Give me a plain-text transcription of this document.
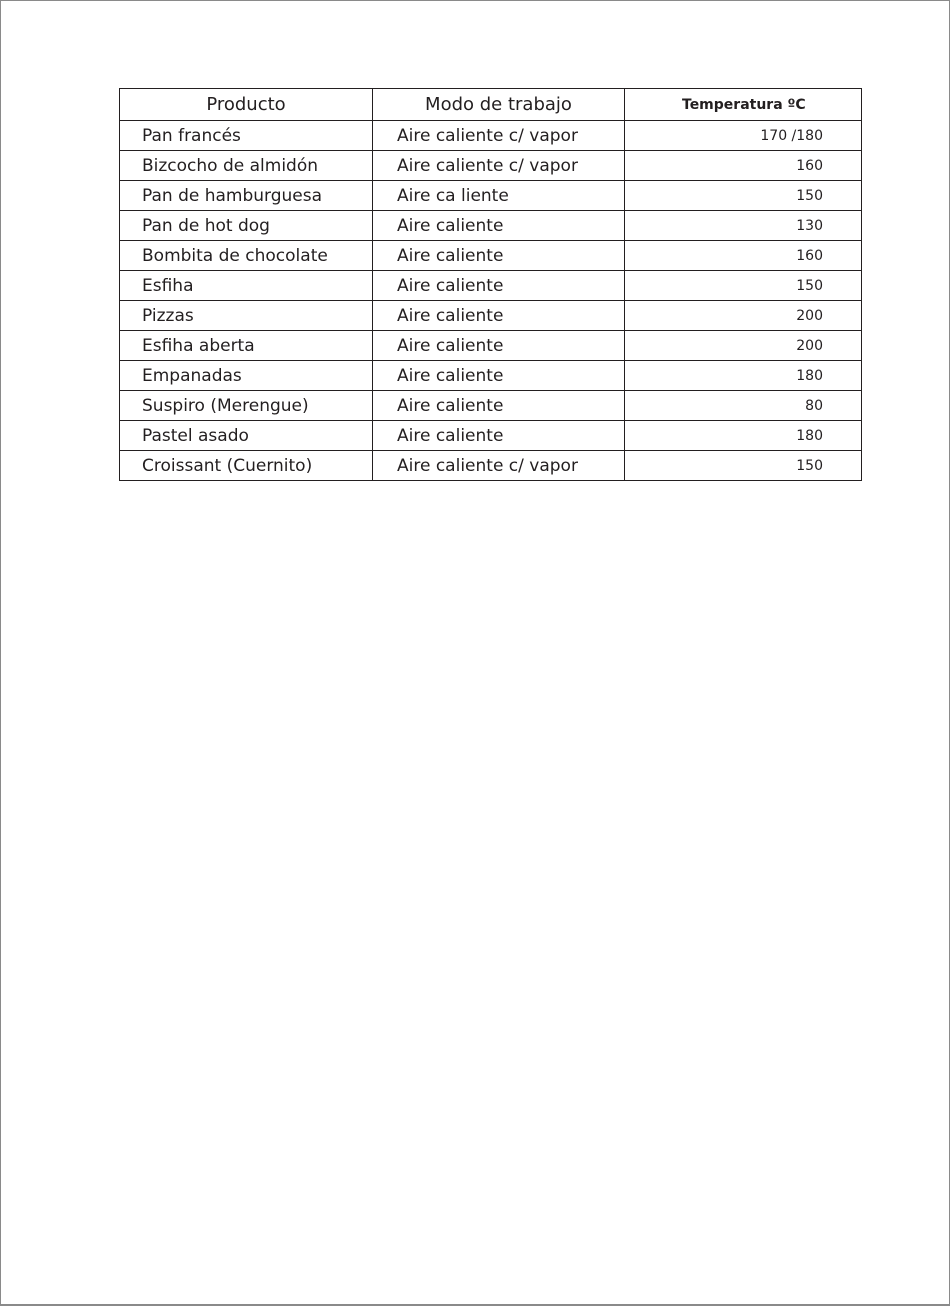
Producto	Modo de trabajo	Temperatura ºC
Pan francés	Aire caliente c/ vapor	170 /180
Bizcocho de almidón	Aire caliente c/ vapor	160
Pan de hamburguesa	Aire ca liente	150
Pan de hot dog	Aire caliente	130
Bombita de chocolate	Aire caliente	160
Esfiha	Aire caliente	150
Pizzas	Aire caliente	200
Esfiha aberta	Aire caliente	200
Empanadas	Aire caliente	180
Suspiro (Merengue)	Aire caliente	80
Pastel asado	Aire caliente	180
Croissant (Cuernito)	Aire caliente c/ vapor	150
